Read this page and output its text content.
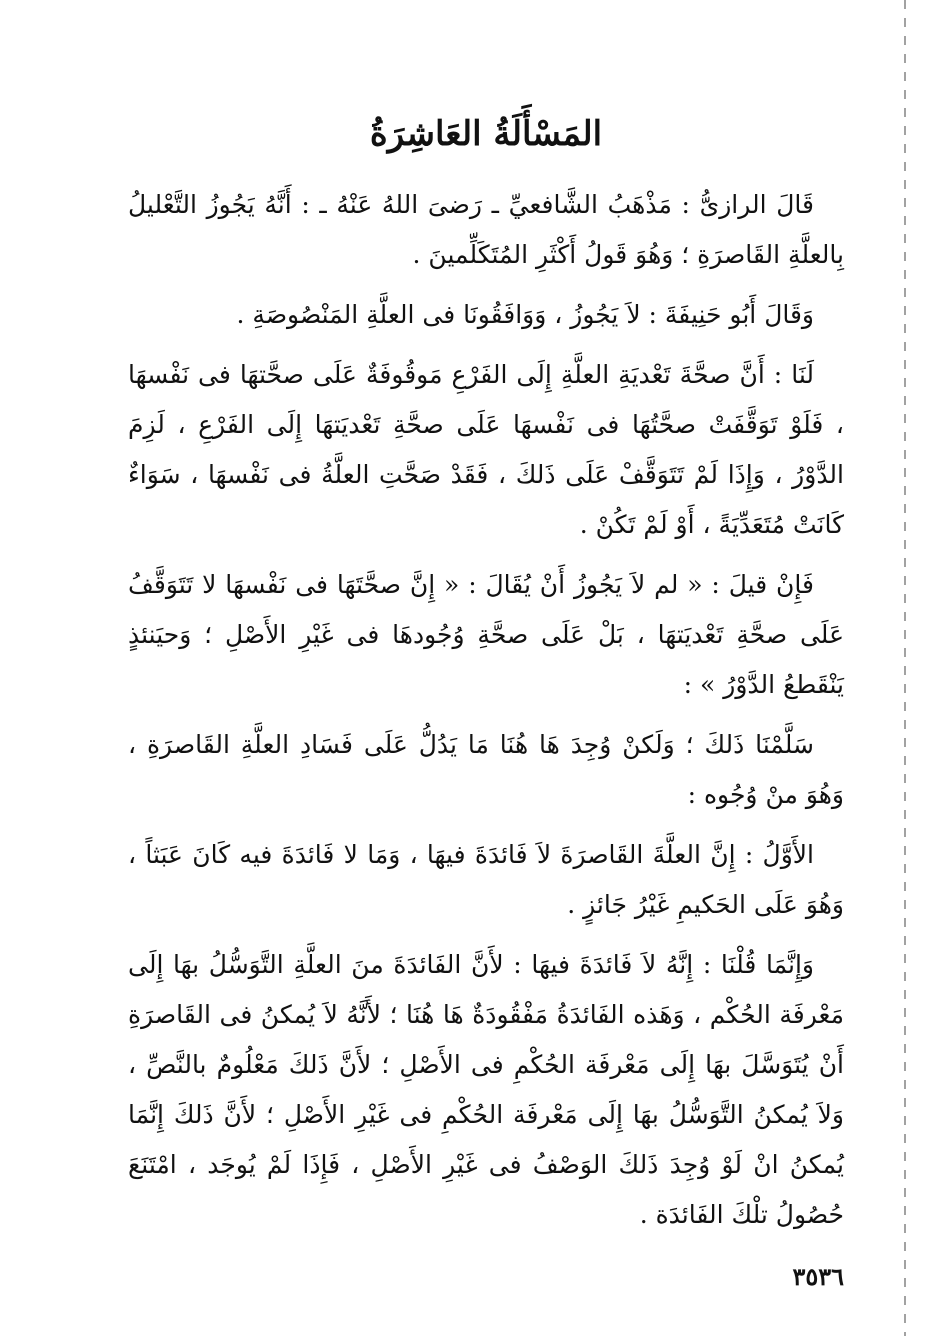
المَسْأَلَةُ العَاشِرَةُ

قَالَ الرازىُّ : مَذْهَبُ الشَّافعيِّ ـ رَضىَ اللهُ عَنْهُ ـ : أَنَّهُ يَجُوزُ التَّعْليلُ بِالعلَّةِ القَاصرَةِ ؛ وَهُوَ قَولُ أَكْثَرِ المُتَكَلِّمينَ .

وَقَالَ أَبُو حَنِيفَةَ : لاَ يَجُوزُ ، وَوَافَقُونَا فى العلَّةِ المَنْصُوصَةِ .

لَنَا : أَنَّ صحَّةَ تَعْديَةِ العلَّةِ إِلَى الفَرْعِ مَوقُوفَةٌ عَلَى صحَّتهَا فى نَفْسهَا ، فَلَوْ تَوَقَّفَتْ صحَّتُهَا فى نَفْسهَا عَلَى صحَّةِ تَعْديَتهَا إِلَى الفَرْعِ ، لَزِمَ الدَّوْرُ ، وَإِذَا لَمْ تَتَوَقَّفْ عَلَى ذَلكَ ، فَقَدْ صَحَّتِ العلَّةُ فى نَفْسهَا ، سَوَاءٌ كَانَتْ مُتَعَدِّيَةً ، أَوْ لَمْ تَكُنْ .

فَإِنْ قيلَ : « لم لاَ يَجُوزُ أَنْ يُقَالَ : « إِنَّ صحَّتَهَا فى نَفْسهَا لا تَتَوَقَّفُ عَلَى صحَّةِ تَعْديَتهَا ، بَلْ عَلَى صحَّةِ وُجُودهَا فى غَيْرِ الأَصْلِ ؛ وَحيَنئذٍ يَنْقَطعُ الدَّوْرُ » :

سَلَّمْنَا ذَلكَ ؛ وَلَكنْ وُجِدَ هَا هُنَا مَا يَدُلُّ عَلَى فَسَادِ العلَّةِ القَاصرَةِ ، وَهُوَ منْ وُجُوه :

الأَوَّلُ : إِنَّ العلَّةَ القَاصرَةَ لاَ فَائدَةَ فيهَا ، وَمَا لا فَائدَةَ فيه كَانَ عَبَثاً ، وَهُوَ عَلَى الحَكيمِ غَيْرُ جَائزٍ .

وَإِنَّمَا قُلْنَا : إِنَّهُ لاَ فَائدَةَ فيهَا : لأَنَّ الفَائدَةَ منَ العلَّةِ التَّوَسُّلُ بهَا إِلَى مَعْرفَة الحُكْم ، وَهَذه الفَائدَةُ مَفْقُودَةٌ هَا هُنَا ؛ لأَنَّهُ لاَ يُمكنُ فى القَاصرَةِ أَنْ يُتَوَسَّلَ بهَا إِلَى مَعْرفَة الحُكْمِ فى الأَصْلِ ؛ لأَنَّ ذَلكَ مَعْلُومٌ بالنَّصِّ ، وَلاَ يُمكنُ التَّوَسُّلُ بهَا إِلَى مَعْرفَة الحُكْمِ فى غَيْرِ الأَصْلِ ؛ لأَنَّ ذَلكَ إِنَّمَا يُمكنُ انْ لَوْ وُجِدَ ذَلكَ الوَصْفُ فى غَيْرِ الأَصْلِ ، فَإِذَا لَمْ يُوجَد ، امْتَنَعَ حُصُولُ تلْكَ الفَائدَة .

٣٥٣٦
